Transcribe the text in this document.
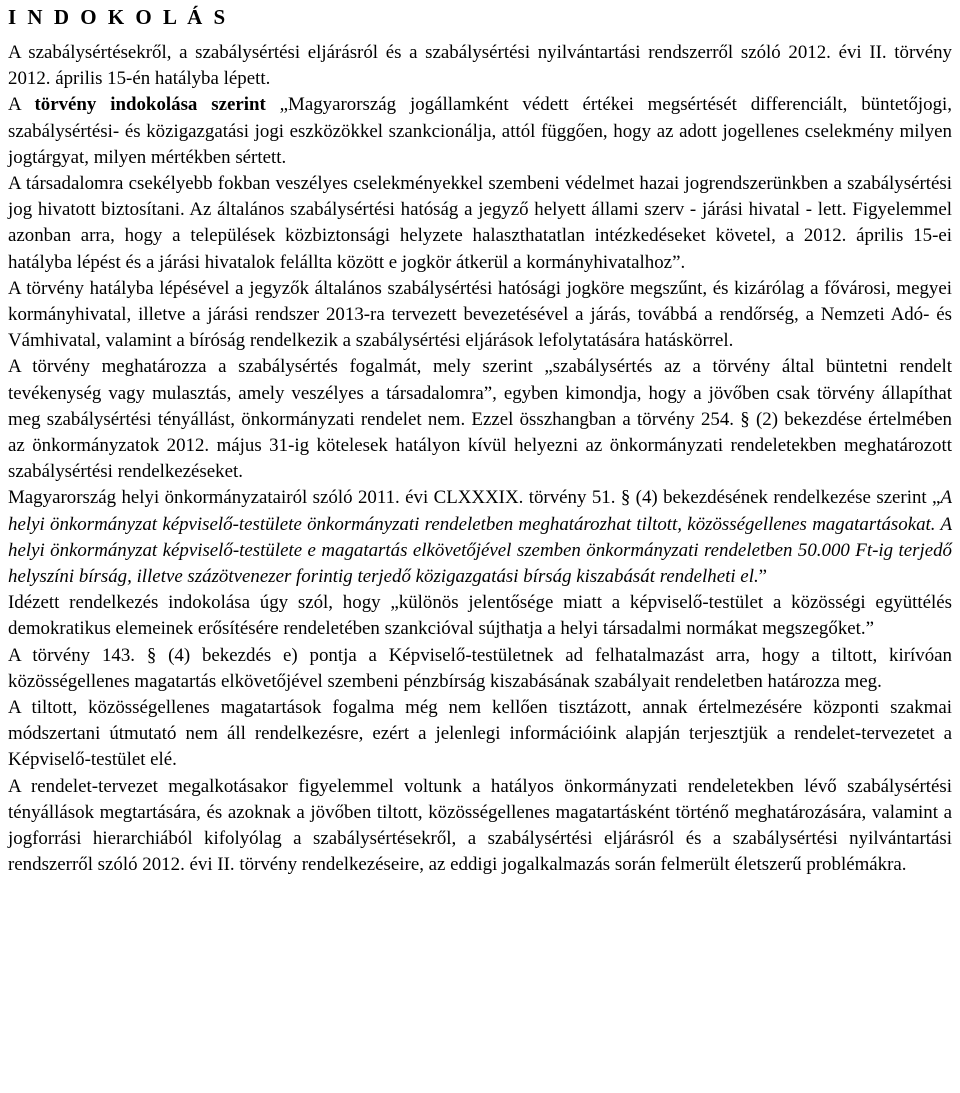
I N D O K O L Á S

A szabálysértésekről, a szabálysértési eljárásról és a szabálysértési nyilvántartási rendszerről szóló 2012. évi II. törvény 2012. április 15-én hatályba lépett.

A törvény indokolása szerint „Magyarország jogállamként védett értékei megsértését differenciált, büntetőjogi, szabálysértési- és közigazgatási jogi eszközökkel szankcionálja, attól függően, hogy az adott jogellenes cselekmény milyen jogtárgyat, milyen mértékben sértett.

A társadalomra csekélyebb fokban veszélyes cselekményekkel szembeni védelmet hazai jogrendszerünkben a szabálysértési jog hivatott biztosítani. Az általános szabálysértési hatóság a jegyző helyett állami szerv - járási hivatal - lett. Figyelemmel azonban arra, hogy a települések közbiztonsági helyzete halaszthatatlan intézkedéseket követel, a 2012. április 15-ei hatályba lépést és a járási hivatalok felállta között e jogkör átkerül a kormányhivatalhoz”.

A törvény hatályba lépésével a jegyzők általános szabálysértési hatósági jogköre megszűnt, és kizárólag a fővárosi, megyei kormányhivatal, illetve a járási rendszer 2013-ra tervezett bevezetésével a járás, továbbá a rendőrség, a Nemzeti Adó- és Vámhivatal, valamint a bíróság rendelkezik a szabálysértési eljárások lefolytatására hatáskörrel.

A törvény meghatározza a szabálysértés fogalmát, mely szerint „szabálysértés az a törvény által büntetni rendelt tevékenység vagy mulasztás, amely veszélyes a társadalomra”, egyben kimondja, hogy a jövőben csak törvény állapíthat meg szabálysértési tényállást, önkormányzati rendelet nem. Ezzel összhangban a törvény 254. § (2) bekezdése értelmében az önkormányzatok 2012. május 31-ig kötelesek hatályon kívül helyezni az önkormányzati rendeletekben meghatározott szabálysértési rendelkezéseket.

Magyarország helyi önkormányzatairól szóló 2011. évi CLXXXIX. törvény 51. § (4) bekezdésének rendelkezése szerint „A helyi önkormányzat képviselő-testülete önkormányzati rendeletben meghatározhat tiltott, közösségellenes magatartásokat. A helyi önkormányzat képviselő-testülete e magatartás elkövetőjével szemben önkormányzati rendeletben 50.000 Ft-ig terjedő helyszíni bírság, illetve százötvenezer forintig terjedő közigazgatási bírság kiszabását rendelheti el.”

Idézett rendelkezés indokolása úgy szól, hogy „különös jelentősége miatt a képviselő-testület a közösségi együttélés demokratikus elemeinek erősítésére rendeletében szankcióval sújthatja a helyi társadalmi normákat megszegőket.”

A törvény 143. § (4) bekezdés e) pontja a Képviselő-testületnek ad felhatalmazást arra, hogy a tiltott, kirívóan közösségellenes magatartás elkövetőjével szembeni pénzbírság kiszabásának szabályait rendeletben határozza meg.

A tiltott, közösségellenes magatartások fogalma még nem kellően tisztázott, annak értelmezésére központi szakmai módszertani útmutató nem áll rendelkezésre, ezért a jelenlegi információink alapján terjesztjük a rendelet-tervezetet a Képviselő-testület elé.

A rendelet-tervezet megalkotásakor figyelemmel voltunk a hatályos önkormányzati rendeletekben lévő szabálysértési tényállások megtartására, és azoknak a jövőben tiltott, közösségellenes magatartásként történő meghatározására, valamint a jogforrási hierarchiából kifolyólag a szabálysértésekről, a szabálysértési eljárásról és a szabálysértési nyilvántartási rendszerről szóló 2012. évi II. törvény rendelkezéseire, az eddigi jogalkalmazás során felmerült életszerű problémákra.
